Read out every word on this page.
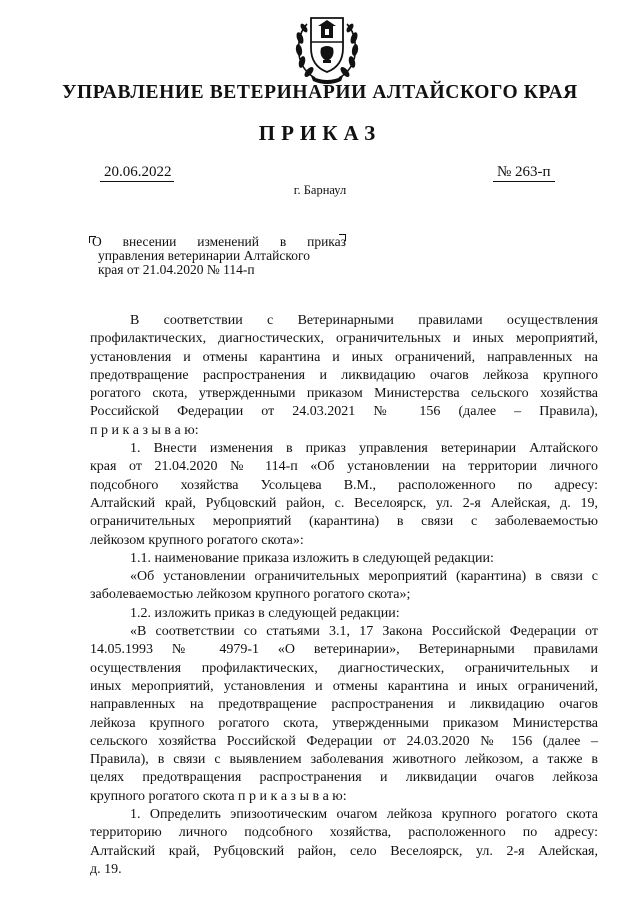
УПРАВЛЕНИЕ ВЕТЕРИНАРИИ АЛТАЙСКОГО КРАЯ
ПРИКАЗ
20.06.2022	№ 263-п
г. Барнаул
О внесении изменений в приказ
управления ветеринарии Алтайского
края от 21.04.2020 № 114-п
В соответствии с Ветеринарными правилами осуществления
профилактических, диагностических, ограничительных и иных мероприятий,
установления и отмены карантина и иных ограничений, направленных на
предотвращение распространения и ликвидацию очагов лейкоза крупного
рогатого скота, утвержденными приказом Министерства сельского хозяйства
Российской Федерации от 24.03.2021 № 156 (далее – Правила),
п р и к а з ы в а ю:
1. Внести изменения в приказ управления ветеринарии Алтайского
края от 21.04.2020 № 114-п «Об установлении на территории личного
подсобного хозяйства Усольцева В.М., расположенного по адресу:
Алтайский край, Рубцовский район, с. Веселоярск, ул. 2-я Алейская, д. 19,
ограничительных мероприятий (карантина) в связи с заболеваемостью
лейкозом крупного рогатого скота»:
1.1. наименование приказа изложить в следующей редакции:
«Об установлении ограничительных мероприятий (карантина) в связи с
заболеваемостью лейкозом крупного рогатого скота»;
1.2. изложить приказ в следующей редакции:
«В соответствии со статьями 3.1, 17 Закона Российской Федерации от
14.05.1993 № 4979-1 «О ветеринарии», Ветеринарными правилами
осуществления профилактических, диагностических, ограничительных и
иных мероприятий, установления и отмены карантина и иных ограничений,
направленных на предотвращение распространения и ликвидацию очагов
лейкоза крупного рогатого скота, утвержденными приказом Министерства
сельского хозяйства Российской Федерации от 24.03.2020 № 156 (далее –
Правила), в связи с выявлением заболевания животного лейкозом, а также в
целях предотвращения распространения и ликвидации очагов лейкоза
крупного рогатого скота п р и к а з ы в а ю:
1. Определить эпизоотическим очагом лейкоза крупного рогатого скота
территорию личного подсобного хозяйства, расположенного по адресу:
Алтайский край, Рубцовский район, село Веселоярск, ул. 2-я Алейская,
д. 19.
